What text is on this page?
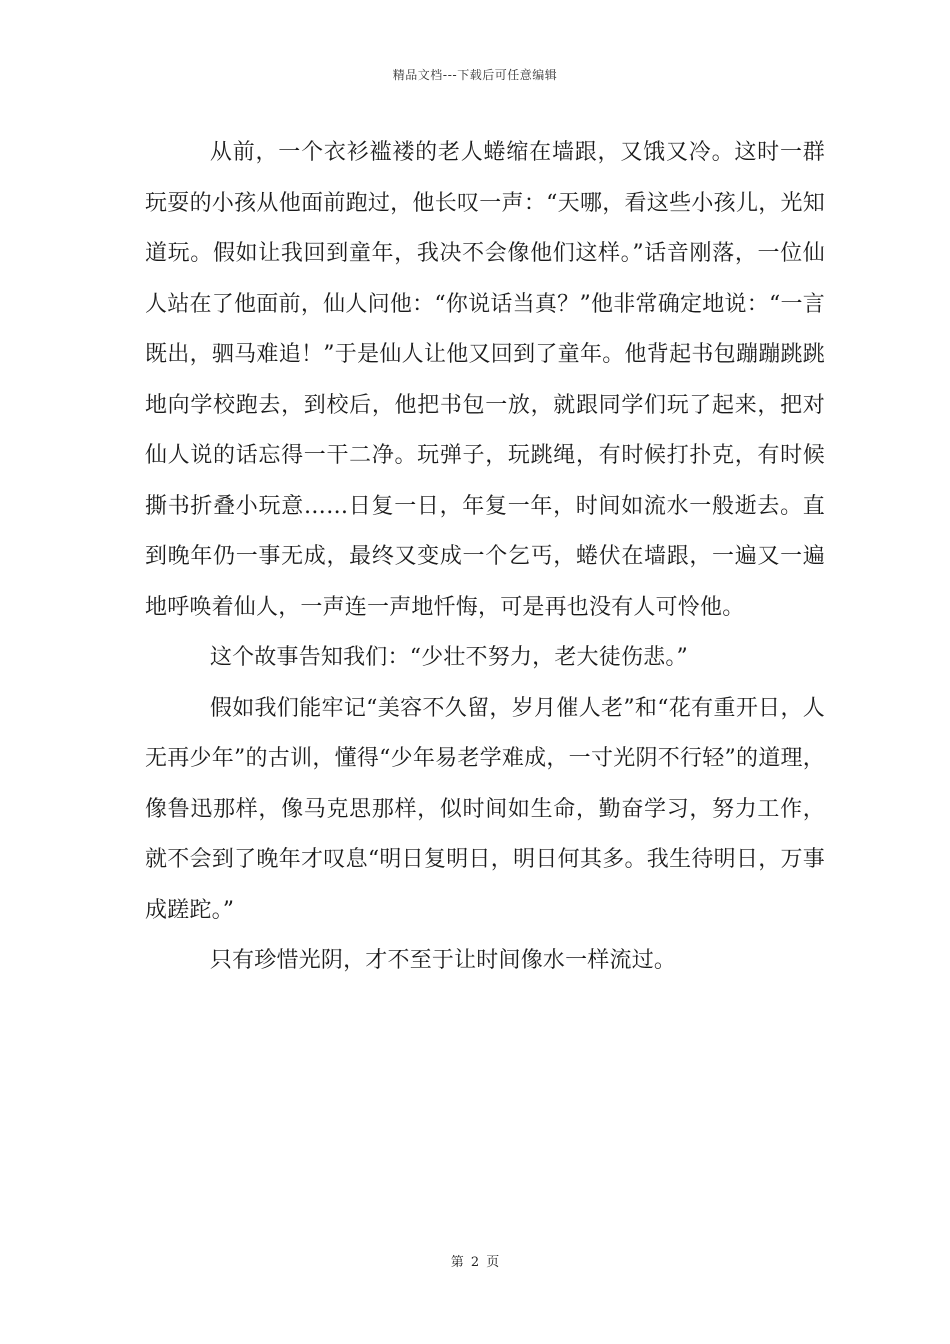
精品文档---下载后可任意编辑

从前，一个衣衫褴褛的老人蜷缩在墙跟，又饿又冷。这时一群玩耍的小孩从他面前跑过，他长叹一声：“天哪，看这些小孩儿，光知道玩。假如让我回到童年，我决不会像他们这样。”话音刚落，一位仙人站在了他面前，仙人问他：“你说话当真？”他非常确定地说：“一言既出，驷马难追！”于是仙人让他又回到了童年。他背起书包蹦蹦跳跳地向学校跑去，到校后，他把书包一放，就跟同学们玩了起来，把对仙人说的话忘得一干二净。玩弹子，玩跳绳，有时候打扑克，有时候撕书折叠小玩意……日复一日，年复一年，时间如流水一般逝去。直到晚年仍一事无成，最终又变成一个乞丐，蜷伏在墙跟，一遍又一遍地呼唤着仙人，一声连一声地忏悔，可是再也没有人可怜他。

这个故事告知我们：“少壮不努力，老大徒伤悲。”

假如我们能牢记“美容不久留，岁月催人老”和“花有重开日，人无再少年”的古训，懂得“少年易老学难成，一寸光阴不行轻”的道理，像鲁迅那样，像马克思那样，似时间如生命，勤奋学习，努力工作，就不会到了晚年才叹息“明日复明日，明日何其多。我生待明日，万事成蹉跎。”

只有珍惜光阴，才不至于让时间像水一样流过。

第 2 页
